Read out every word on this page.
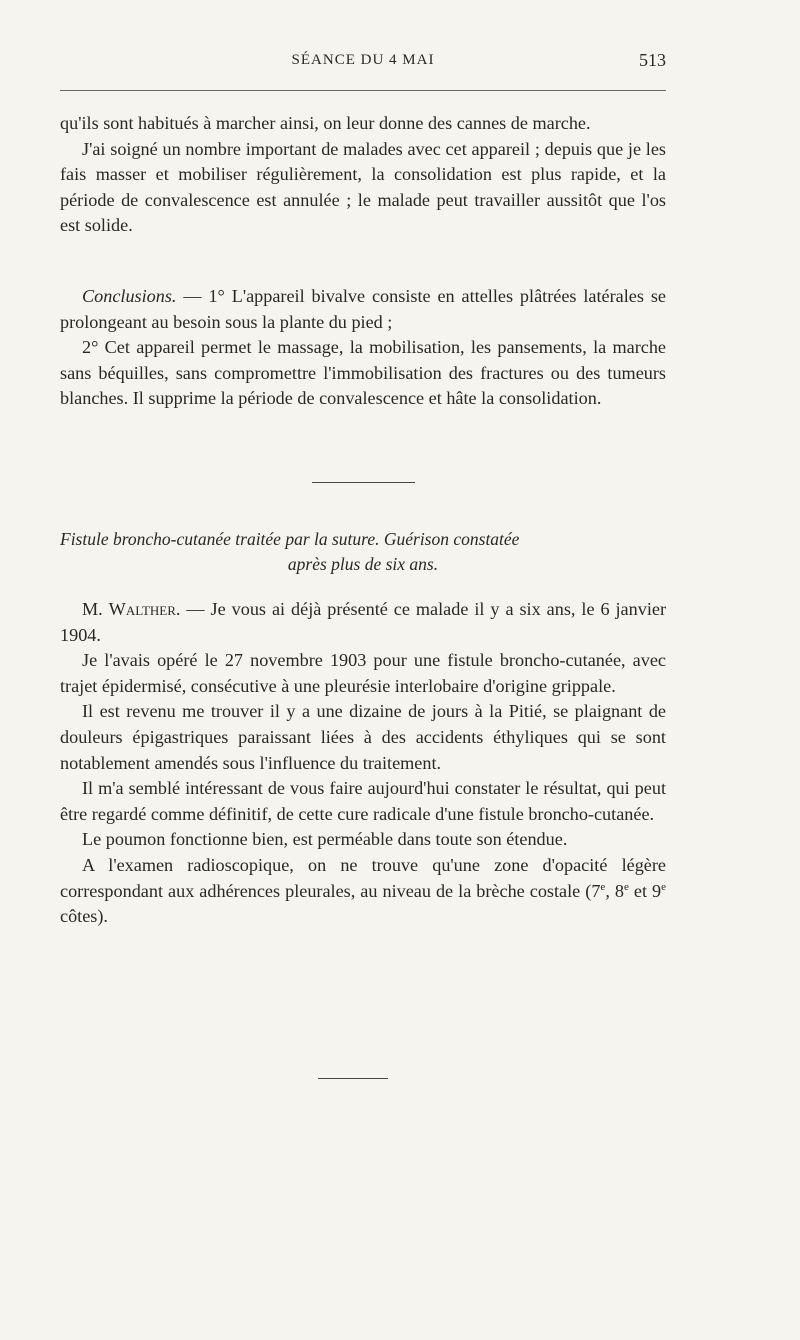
SÉANCE DU 4 MAI	513

qu'ils sont habitués à marcher ainsi, on leur donne des cannes de marche.

J'ai soigné un nombre important de malades avec cet appareil ; depuis que je les fais masser et mobiliser régulièrement, la consolidation est plus rapide, et la période de convalescence est annulée ; le malade peut travailler aussitôt que l'os est solide.

Conclusions. — 1° L'appareil bivalve consiste en attelles plâtrées latérales se prolongeant au besoin sous la plante du pied ;

2° Cet appareil permet le massage, la mobilisation, les pansements, la marche sans béquilles, sans compromettre l'immobilisation des fractures ou des tumeurs blanches. Il supprime la période de convalescence et hâte la consolidation.

Fistule broncho-cutanée traitée par la suture. Guérison constatée
après plus de six ans.

M. Walther. — Je vous ai déjà présenté ce malade il y a six ans, le 6 janvier 1904.

Je l'avais opéré le 27 novembre 1903 pour une fistule broncho-cutanée, avec trajet épidermisé, consécutive à une pleurésie interlobaire d'origine grippale.

Il est revenu me trouver il y a une dizaine de jours à la Pitié, se plaignant de douleurs épigastriques paraissant liées à des accidents éthyliques qui se sont notablement amendés sous l'influence du traitement.

Il m'a semblé intéressant de vous faire aujourd'hui constater le résultat, qui peut être regardé comme définitif, de cette cure radicale d'une fistule broncho-cutanée.

Le poumon fonctionne bien, est perméable dans toute son étendue.

A l'examen radioscopique, on ne trouve qu'une zone d'opacité légère correspondant aux adhérences pleurales, au niveau de la brèche costale (7e, 8e et 9e côtes).
